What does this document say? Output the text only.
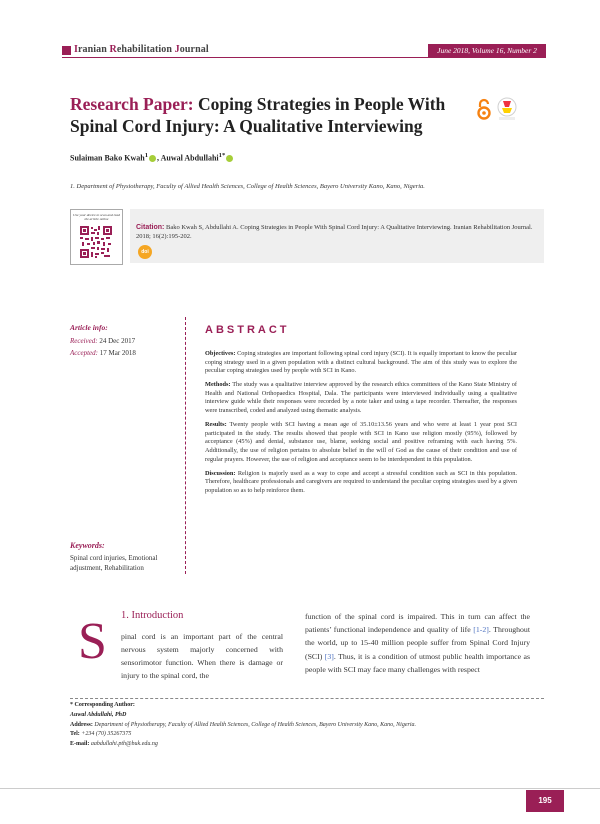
Iranian Rehabilitation Journal	June 2018, Volume 16, Number 2
Research Paper: Coping Strategies in People With Spinal Cord Injury: A Qualitative Interviewing
Sulaiman Bako Kwah$^1$ , Auwal Abdullahi$^{1*}$
1. Department of Physiotherapy, Faculty of Allied Health Sciences, College of Health Sciences, Bayero University Kano, Kano, Nigeria.
Use your device to scan and read the article online
Citation: Bako Kwah S, Abdullahi A. Coping Strategies in People With Spinal Cord Injury: A Qualitative Interviewing. Iranian Rehabilitation Journal. 2018; 16(2):195-202.
doi
Article info:
Received: 24 Dec 2017
Accepted: 17 Mar 2018
Keywords:
Spinal cord injuries, Emotional adjustment, Rehabilitation
ABSTRACT

Objectives: Coping strategies are important following spinal cord injury (SCI). It is equally important to know the peculiar coping strategy used in a given population with a distinct cultural background. The aim of this study was to explore the peculiar coping strategies used by people with SCI in Kano.

Methods: The study was a qualitative interview approved by the research ethics committees of the Kano State Ministry of Health and National Orthopaedics Hospital, Dala. The participants were interviewed individually using a qualitative interview guide while their responses were recorded by a note taker and using a tape recorder. Thereafter, the responses were transcribed, coded and analyzed using thematic analysis.

Results: Twenty people with SCI having a mean age of 35.10±13.56 years and who were at least 1 year post SCI participated in the study. The results showed that people with SCI in Kano use religion mostly (95%), followed by acceptance (45%) and denial, substance use, blame, seeking social and positive reframing with each having 5%. Additionally, the use of religion pertains to absolute belief in the will of God as the cause of their condition and use of regular prayers. However, the use of religion and acceptance seem to be interdependent in this population.

Discussion: Religion is majorly used as a way to cope and accept a stressful condition such as SCI in this population. Therefore, healthcare professionals and caregivers are required to understand the peculiar coping strategies used by a given population so as to help reinforce them.

S 1. Introduction
pinal cord is an important part of the central nervous system majorly concerned with sensorimotor function. When there is damage or injury to the spinal cord, the
function of the spinal cord is impaired. This in turn can affect the patients’ functional independence and quality of life [1-2]. Throughout the world, up to 15-40 million people suffer from Spinal Cord Injury (SCI) [3]. Thus, it is a condition of utmost public health importance as people with SCI may face many challenges with respect
* Corresponding Author:
Auwal Abdullahi, PhD
Address: Department of Physiotherapy, Faculty of Allied Health Sciences, College of Health Sciences, Bayero University Kano, Kano, Nigeria.
Tel: +234 (70) 35267375
E-mail: aabdullahi.pth@buk.edu.ng
195
